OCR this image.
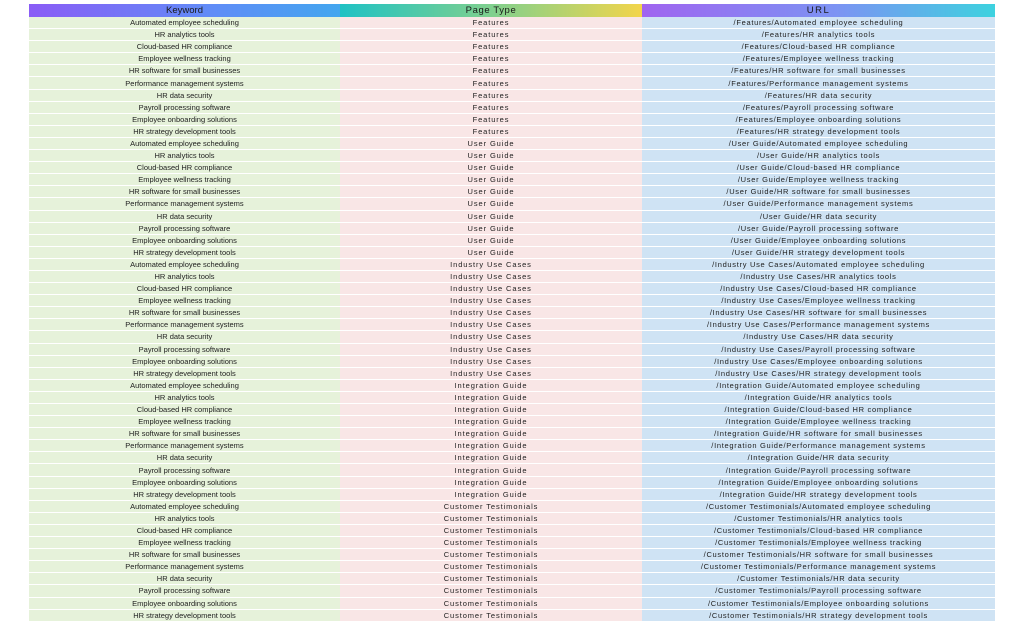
Keyword	Page Type	URL
Automated employee scheduling	Features	/Features/Automated employee scheduling
HR analytics tools	Features	/Features/HR analytics tools
Cloud-based HR compliance	Features	/Features/Cloud-based HR compliance
Employee wellness tracking	Features	/Features/Employee wellness tracking
HR software for small businesses	Features	/Features/HR software for small businesses
Performance management systems	Features	/Features/Performance management systems
HR data security	Features	/Features/HR data security
Payroll processing software	Features	/Features/Payroll processing software
Employee onboarding solutions	Features	/Features/Employee onboarding solutions
HR strategy development tools	Features	/Features/HR strategy development tools
Automated employee scheduling	User Guide	/User Guide/Automated employee scheduling
HR analytics tools	User Guide	/User Guide/HR analytics tools
Cloud-based HR compliance	User Guide	/User Guide/Cloud-based HR compliance
Employee wellness tracking	User Guide	/User Guide/Employee wellness tracking
HR software for small businesses	User Guide	/User Guide/HR software for small businesses
Performance management systems	User Guide	/User Guide/Performance management systems
HR data security	User Guide	/User Guide/HR data security
Payroll processing software	User Guide	/User Guide/Payroll processing software
Employee onboarding solutions	User Guide	/User Guide/Employee onboarding solutions
HR strategy development tools	User Guide	/User Guide/HR strategy development tools
Automated employee scheduling	Industry Use Cases	/Industry Use Cases/Automated employee scheduling
HR analytics tools	Industry Use Cases	/Industry Use Cases/HR analytics tools
Cloud-based HR compliance	Industry Use Cases	/Industry Use Cases/Cloud-based HR compliance
Employee wellness tracking	Industry Use Cases	/Industry Use Cases/Employee wellness tracking
HR software for small businesses	Industry Use Cases	/Industry Use Cases/HR software for small businesses
Performance management systems	Industry Use Cases	/Industry Use Cases/Performance management systems
HR data security	Industry Use Cases	/Industry Use Cases/HR data security
Payroll processing software	Industry Use Cases	/Industry Use Cases/Payroll processing software
Employee onboarding solutions	Industry Use Cases	/Industry Use Cases/Employee onboarding solutions
HR strategy development tools	Industry Use Cases	/Industry Use Cases/HR strategy development tools
Automated employee scheduling	Integration Guide	/Integration Guide/Automated employee scheduling
HR analytics tools	Integration Guide	/Integration Guide/HR analytics tools
Cloud-based HR compliance	Integration Guide	/Integration Guide/Cloud-based HR compliance
Employee wellness tracking	Integration Guide	/Integration Guide/Employee wellness tracking
HR software for small businesses	Integration Guide	/Integration Guide/HR software for small businesses
Performance management systems	Integration Guide	/Integration Guide/Performance management systems
HR data security	Integration Guide	/Integration Guide/HR data security
Payroll processing software	Integration Guide	/Integration Guide/Payroll processing software
Employee onboarding solutions	Integration Guide	/Integration Guide/Employee onboarding solutions
HR strategy development tools	Integration Guide	/Integration Guide/HR strategy development tools
Automated employee scheduling	Customer Testimonials	/Customer Testimonials/Automated employee scheduling
HR analytics tools	Customer Testimonials	/Customer Testimonials/HR analytics tools
Cloud-based HR compliance	Customer Testimonials	/Customer Testimonials/Cloud-based HR compliance
Employee wellness tracking	Customer Testimonials	/Customer Testimonials/Employee wellness tracking
HR software for small businesses	Customer Testimonials	/Customer Testimonials/HR software for small businesses
Performance management systems	Customer Testimonials	/Customer Testimonials/Performance management systems
HR data security	Customer Testimonials	/Customer Testimonials/HR data security
Payroll processing software	Customer Testimonials	/Customer Testimonials/Payroll processing software
Employee onboarding solutions	Customer Testimonials	/Customer Testimonials/Employee onboarding solutions
HR strategy development tools	Customer Testimonials	/Customer Testimonials/HR strategy development tools
